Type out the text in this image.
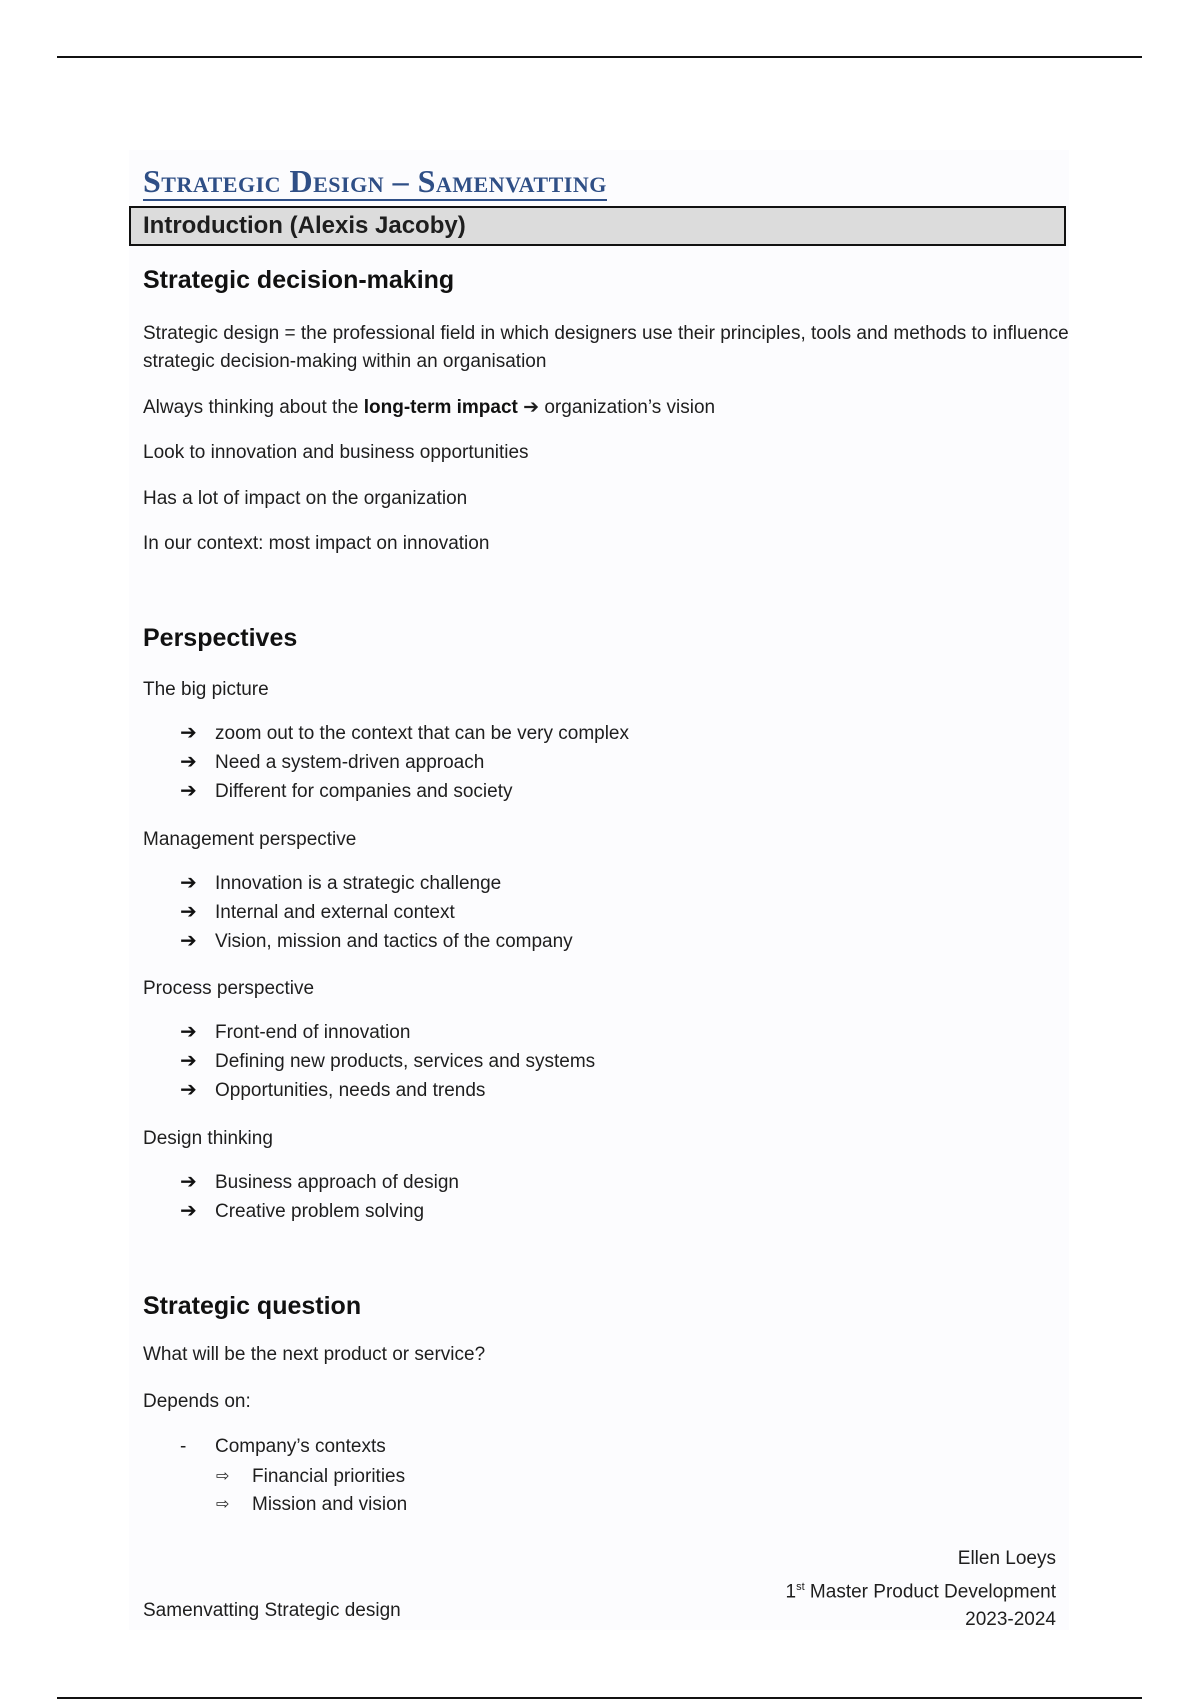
Strategic Design – Samenvatting
Introduction (Alexis Jacoby)
Strategic decision-making

Strategic design = the professional field in which designers use their principles, tools and methods to influence strategic decision-making within an organisation

Always thinking about the long-term impact ➔ organization’s vision

Look to innovation and business opportunities

Has a lot of impact on the organization

In our context: most impact on innovation

Perspectives

The big picture

➔ zoom out to the context that can be very complex
➔ Need a system-driven approach
➔ Different for companies and society

Management perspective

➔ Innovation is a strategic challenge
➔ Internal and external context
➔ Vision, mission and tactics of the company

Process perspective

➔ Front-end of innovation
➔ Defining new products, services and systems
➔ Opportunities, needs and trends

Design thinking

➔ Business approach of design
➔ Creative problem solving
Strategic question

What will be the next product or service?

Depends on:

-	Company’s contexts
⇨	Financial priorities
⇨	Mission and vision
Samenvatting Strategic design
Ellen Loeys
1st Master Product Development
2023-2024
